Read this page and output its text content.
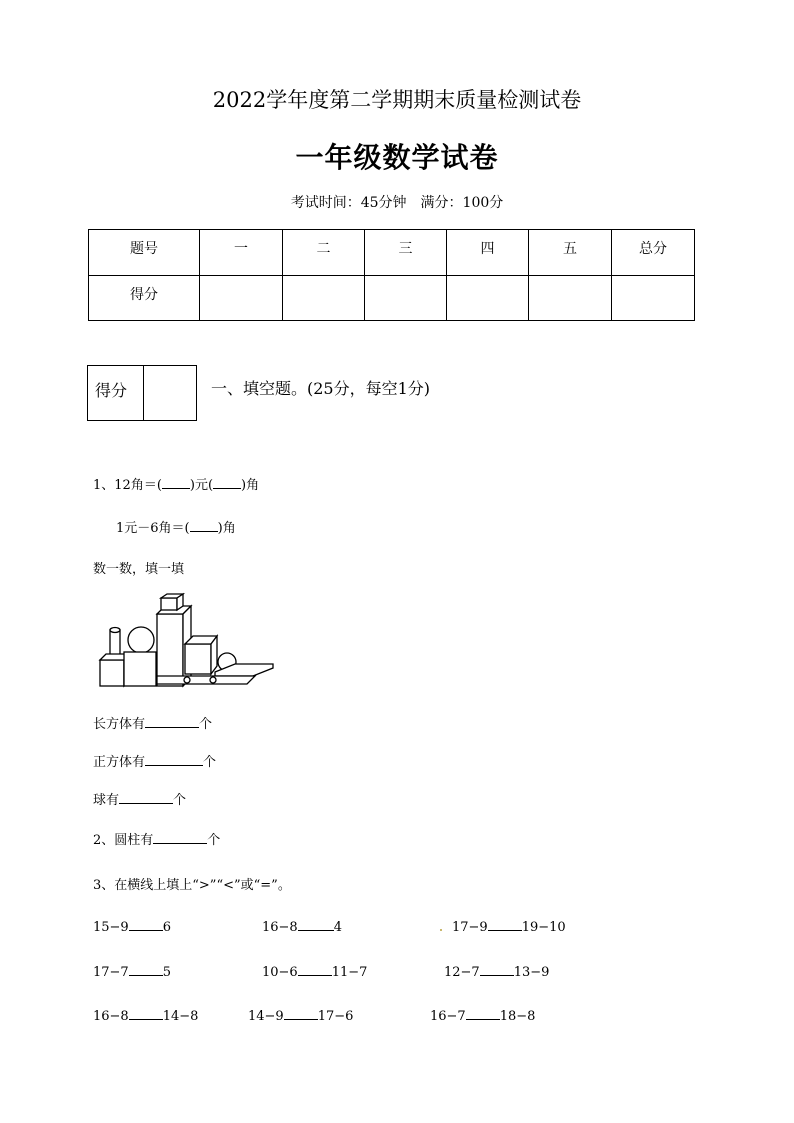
2022学年度第二学期期末质量检测试卷
一年级数学试卷
考试时间：45分钟　满分：100分
题号	一	二	三	四	五	总分
得分						
得分	一、填空题。(25分，每空1分)
1、12角＝( )元( )角
1元－6角＝( )角
数一数，填一填
长方体有	个
正方体有	个
球有	个
2、圆柱有	个
3、在横线上填上“>”“<”或“=”。
15−9	6	16−8	4	17−9	19−10
17−7	5	10−6	11−7	12−7	13−9
16−8	14−8	14−9	17−6	16−7	18−8
